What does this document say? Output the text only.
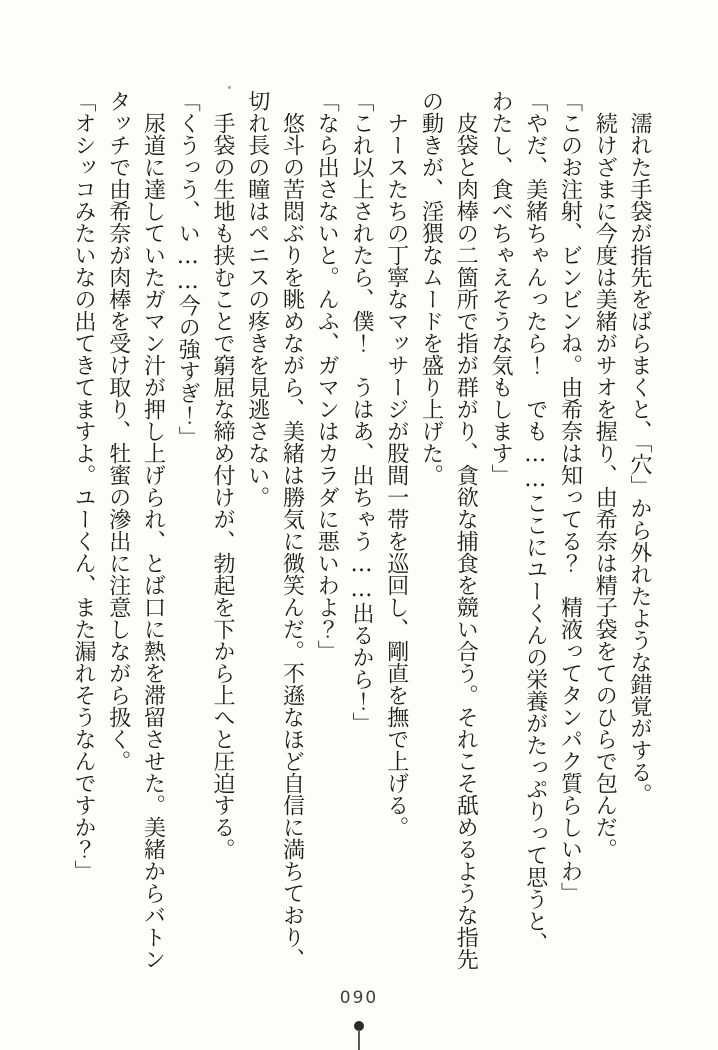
濡れた手袋が指先をばらまくと、「穴」から外れたような錯覚がする。

続けざまに今度は美緒がサオを握り、由希奈は精子袋をてのひらで包んだ。

「このお注射、ビンビンね。由希奈は知ってる？　精液ってタンパク質らしいわ」

「やだ、美緒ちゃんったら！　でも……ここにユーくんの栄養がたっぷりって思うと、わたし、食べちゃえそうな気もします」

皮袋と肉棒の二箇所で指が群がり、貪欲な捕食を競い合う。それこそ舐めるような指先の動きが、淫猥なムードを盛り上げた。

ナースたちの丁寧なマッサージが股間一帯を巡回し、剛直を撫で上げる。

「これ以上されたら、僕！　うはあ、出ちゃう……出るから！」

「なら出さないと。んふ、ガマンはカラダに悪いわよ？」

悠斗の苦悶ぶりを眺めながら、美緒は勝気に微笑んだ。不遜なほど自信に満ちており、切れ長の瞳はペニスの疼きを見逃さない。

手袋の生地も挟むことで窮屈な締め付けが、勃起を下から上へと圧迫する。

「くうっう、い……今の強すぎ！」

尿道に達していたガマン汁が押し上げられ、とば口に熱を滞留させた。美緒からバトンタッチで由希奈が肉棒を受け取り、牡蜜の滲出に注意しながら扱く。

「オシッコみたいなの出てきてますよ。ユーくん、また漏れそうなんですか？」

090
